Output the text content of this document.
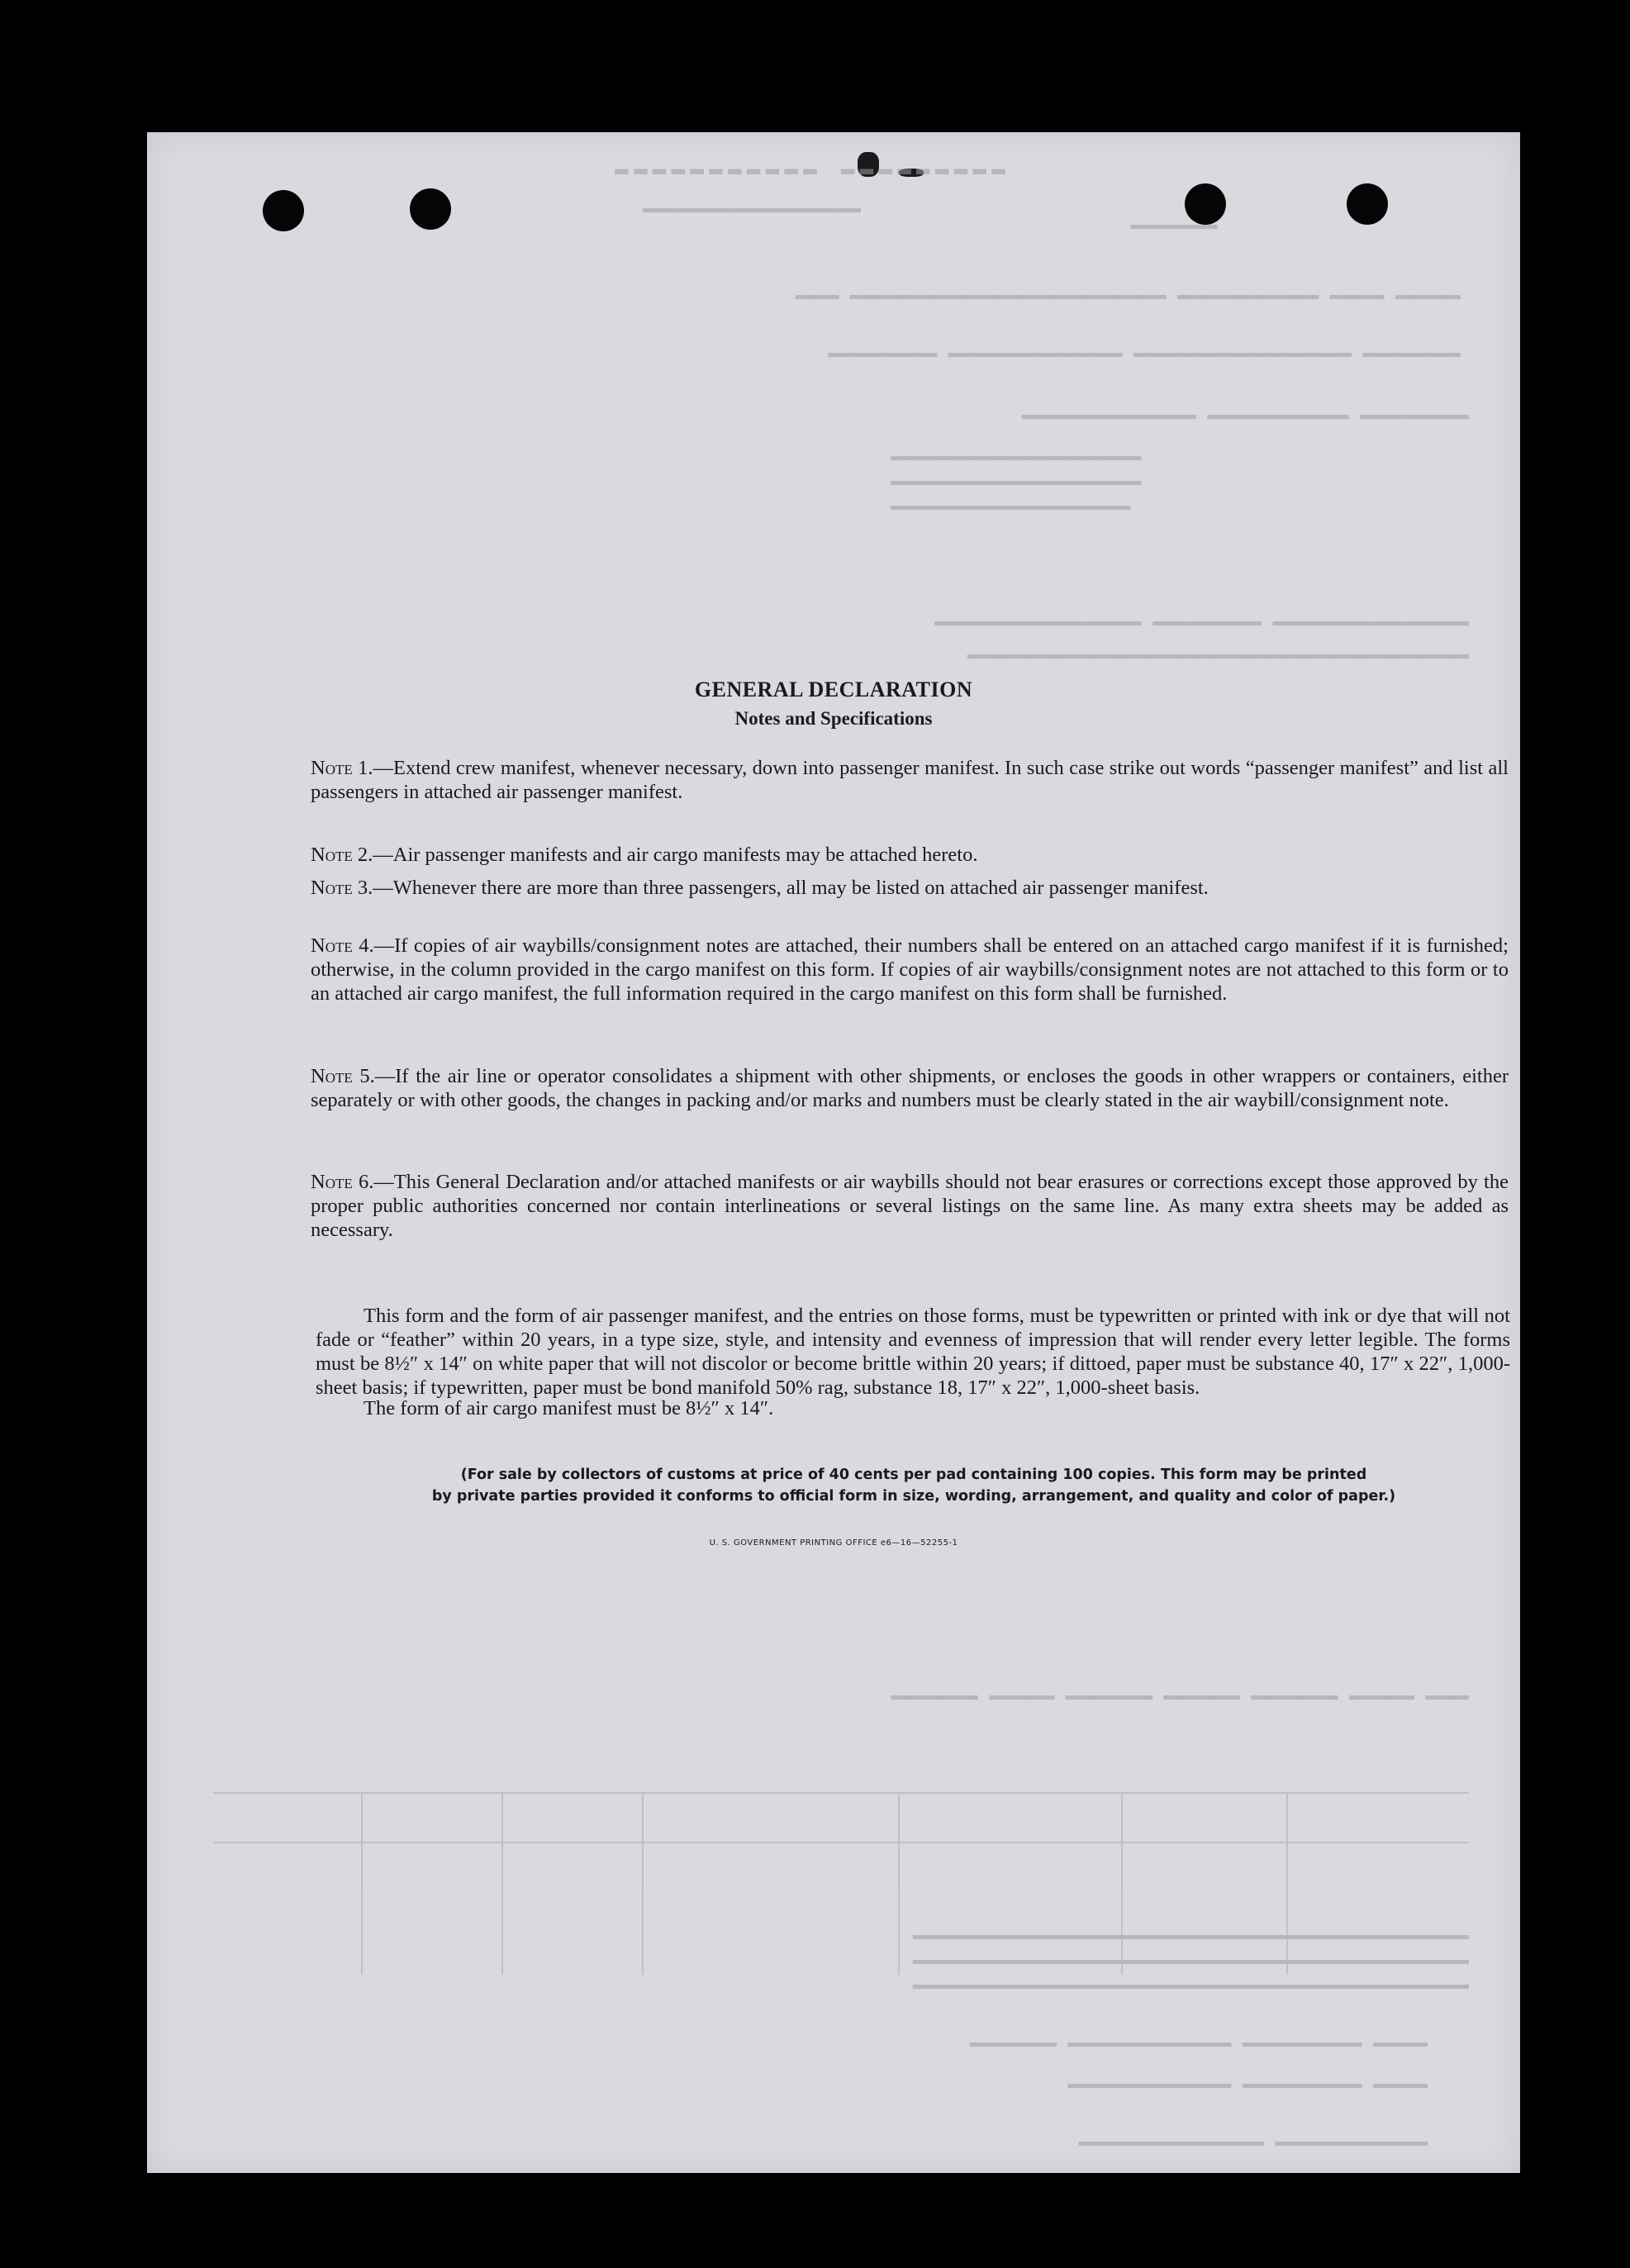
▬▬▬▬▬▬▬▬▬ ▬▬▬▬▬▬▬▬▬▬▬
▬▬▬▬▬▬▬▬▬▬▬▬▬▬▬▬▬▬▬▬
▬▬▬▬▬▬▬▬
▬▬▬▬▬▬ ▬▬▬▬▬ ▬▬▬▬▬▬▬▬▬▬▬▬▬ ▬▬▬▬▬▬▬▬▬▬▬▬▬▬▬▬▬▬▬▬▬▬▬▬▬▬▬▬▬ ▬▬▬▬
▬▬▬▬▬▬▬▬▬ ▬▬▬▬▬▬▬▬▬▬▬▬▬▬▬▬▬▬▬▬ ▬▬▬▬▬▬▬▬▬▬▬▬▬▬▬▬ ▬▬▬▬▬▬▬▬▬▬
▬▬▬▬▬▬▬▬▬▬ ▬▬▬▬▬▬▬▬▬▬▬▬▬ ▬▬▬▬▬▬▬▬▬▬▬▬▬▬▬▬
▬▬▬▬▬▬▬▬▬▬▬▬▬▬▬▬▬▬▬▬▬▬▬
▬▬▬▬▬▬▬▬▬▬▬▬▬▬▬▬▬▬▬▬▬▬▬
▬▬▬▬▬▬▬▬▬▬▬▬▬▬▬▬▬▬▬▬▬▬
▬▬▬▬▬▬▬▬▬▬▬▬▬▬▬▬▬▬ ▬▬▬▬▬▬▬▬▬▬ ▬▬▬▬▬▬▬▬▬▬▬▬▬▬▬▬▬▬▬
▬▬▬▬▬▬▬▬▬▬▬▬▬▬▬▬▬▬▬▬▬▬▬▬▬▬▬▬▬▬▬▬▬▬▬▬▬▬▬▬▬▬▬▬▬▬
▬▬▬▬ ▬▬▬▬▬▬ ▬▬▬▬▬▬▬▬ ▬▬▬▬▬▬▬ ▬▬▬▬▬▬▬▬ ▬▬▬▬▬▬ ▬▬▬▬▬▬▬▬
▬▬▬▬▬▬▬▬▬▬▬▬▬▬▬▬▬▬▬▬▬▬▬▬▬▬▬▬▬▬▬▬▬▬▬▬▬▬▬▬▬▬▬▬▬▬▬▬▬▬▬
▬▬▬▬▬▬▬▬▬▬▬▬▬▬▬▬▬▬▬▬▬▬▬▬▬▬▬▬▬▬▬▬▬▬▬▬▬▬▬▬▬▬▬▬▬▬▬▬▬▬▬
▬▬▬▬▬▬▬▬▬▬▬▬▬▬▬▬▬▬▬▬▬▬▬▬▬▬▬▬▬▬▬▬▬▬▬▬▬▬▬▬▬▬▬▬▬▬▬▬▬▬▬
▬▬▬▬▬ ▬▬▬▬▬▬▬▬▬▬▬ ▬▬▬▬▬▬▬▬▬▬▬▬▬▬▬ ▬▬▬▬▬▬▬▬
▬▬▬▬▬ ▬▬▬▬▬▬▬▬▬▬▬ ▬▬▬▬▬▬▬▬▬▬▬▬▬▬▬
▬▬▬▬▬▬▬▬▬▬▬▬▬▬ ▬▬▬▬▬▬▬▬▬▬▬▬▬▬▬▬▬
GENERAL DECLARATION
Notes and Specifications
Note 1.—Extend crew manifest, whenever necessary, down into passenger manifest. In such case strike out words “passenger manifest” and list all passengers in attached air passenger manifest.
Note 2.—Air passenger manifests and air cargo manifests may be attached hereto.
Note 3.—Whenever there are more than three passengers, all may be listed on attached air passenger manifest.
Note 4.—If copies of air waybills/consignment notes are attached, their numbers shall be entered on an attached cargo manifest if it is furnished; otherwise, in the column provided in the cargo manifest on this form. If copies of air waybills/consignment notes are not attached to this form or to an attached air cargo manifest, the full information required in the cargo manifest on this form shall be furnished.
Note 5.—If the air line or operator consolidates a shipment with other shipments, or encloses the goods in other wrappers or containers, either separately or with other goods, the changes in packing and/or marks and numbers must be clearly stated in the air waybill/consignment note.
Note 6.—This General Declaration and/or attached manifests or air waybills should not bear erasures or corrections except those approved by the proper public authorities concerned nor contain interlineations or several listings on the same line. As many extra sheets may be added as necessary.
This form and the form of air passenger manifest, and the entries on those forms, must be typewritten or printed with ink or dye that will not fade or “feather” within 20 years, in a type size, style, and intensity and evenness of impression that will render every letter legible. The forms must be 8½″ x 14″ on white paper that will not discolor or become brittle within 20 years; if dittoed, paper must be substance 40, 17″ x 22″, 1,000-sheet basis; if typewritten, paper must be bond manifold 50% rag, substance 18, 17″ x 22″, 1,000-sheet basis.
The form of air cargo manifest must be 8½″ x 14″.
(For sale by collectors of customs at price of 40 cents per pad containing 100 copies. This form may be printed
by private parties provided it conforms to official form in size, wording, arrangement, and quality and color of paper.)
U. S. GOVERNMENT PRINTING OFFICE e6—16—52255-1
